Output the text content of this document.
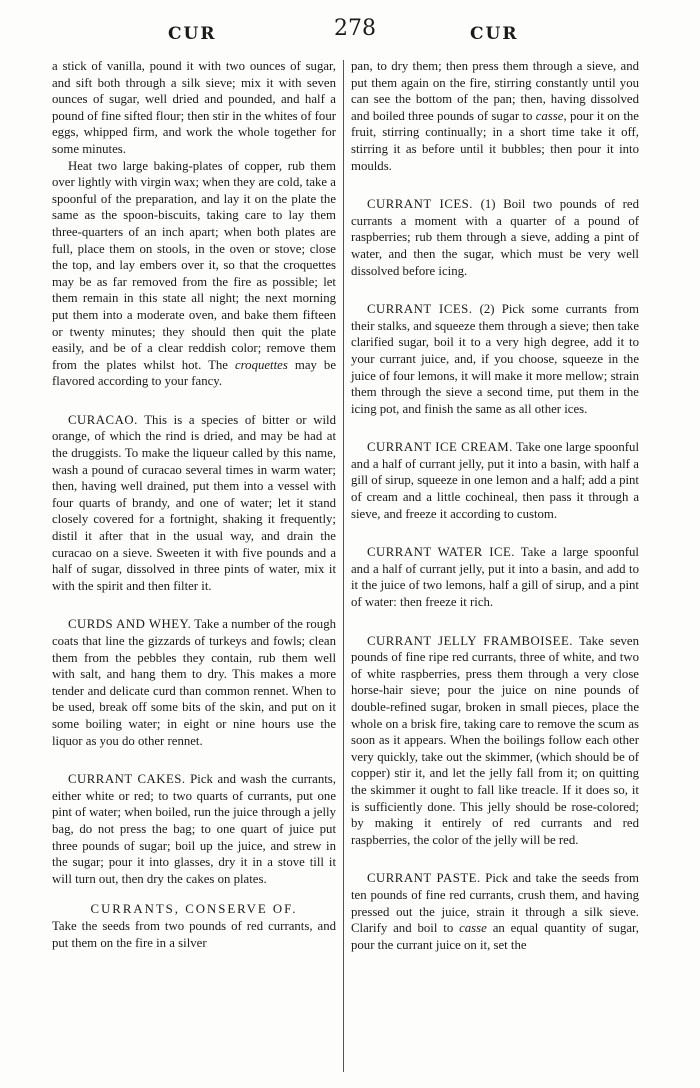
CUR	278	CUR

a stick of vanilla, pound it with two ounces of sugar, and sift both through a silk sieve; mix it with seven ounces of sugar, well dried and pounded, and half a pound of fine sifted flour; then stir in the whites of four eggs, whipped firm, and work the whole together for some minutes.

Heat two large baking-plates of copper, rub them over lightly with virgin wax; when they are cold, take a spoonful of the preparation, and lay it on the plate the same as the spoon-biscuits, taking care to lay them three-quarters of an inch apart; when both plates are full, place them on stools, in the oven or stove; close the top, and lay embers over it, so that the croquettes may be as far removed from the fire as possible; let them remain in this state all night; the next morning put them into a moderate oven, and bake them fifteen or twenty minutes; they should then quit the plate easily, and be of a clear reddish color; remove them from the plates whilst hot. The croquettes may be flavored according to your fancy.

CURACAO. This is a species of bitter or wild orange, of which the rind is dried, and may be had at the druggists. To make the liqueur called by this name, wash a pound of curacao several times in warm water; then, having well drained, put them into a vessel with four quarts of brandy, and one of water; let it stand closely covered for a fortnight, shaking it frequently; distil it after that in the usual way, and drain the curacao on a sieve. Sweeten it with five pounds and a half of sugar, dissolved in three pints of water, mix it with the spirit and then filter it.

CURDS AND WHEY. Take a number of the rough coats that line the gizzards of turkeys and fowls; clean them from the pebbles they contain, rub them well with salt, and hang them to dry. This makes a more tender and delicate curd than common rennet. When to be used, break off some bits of the skin, and put on it some boiling water; in eight or nine hours use the liquor as you do other rennet.

CURRANT CAKES. Pick and wash the currants, either white or red; to two quarts of currants, put one pint of water; when boiled, run the juice through a jelly bag, do not press the bag; to one quart of juice put three pounds of sugar; boil up the juice, and strew in the sugar; pour it into glasses, dry it in a stove till it will turn out, then dry the cakes on plates.

CURRANTS, CONSERVE OF.

Take the seeds from two pounds of red currants, and put them on the fire in a silver

pan, to dry them; then press them through a sieve, and put them again on the fire, stirring constantly until you can see the bottom of the pan; then, having dissolved and boiled three pounds of sugar to casse, pour it on the fruit, stirring continually; in a short time take it off, stirring it as before until it bubbles; then pour it into moulds.

CURRANT ICES. (1) Boil two pounds of red currants a moment with a quarter of a pound of raspberries; rub them through a sieve, adding a pint of water, and then the sugar, which must be very well dissolved before icing.

CURRANT ICES. (2) Pick some currants from their stalks, and squeeze them through a sieve; then take clarified sugar, boil it to a very high degree, add it to your currant juice, and, if you choose, squeeze in the juice of four lemons, it will make it more mellow; strain them through the sieve a second time, put them in the icing pot, and finish the same as all other ices.

CURRANT ICE CREAM. Take one large spoonful and a half of currant jelly, put it into a basin, with half a gill of sirup, squeeze in one lemon and a half; add a pint of cream and a little cochineal, then pass it through a sieve, and freeze it according to custom.

CURRANT WATER ICE. Take a large spoonful and a half of currant jelly, put it into a basin, and add to it the juice of two lemons, half a gill of sirup, and a pint of water: then freeze it rich.

CURRANT JELLY FRAMBOISEE. Take seven pounds of fine ripe red currants, three of white, and two of white raspberries, press them through a very close horse-hair sieve; pour the juice on nine pounds of double-refined sugar, broken in small pieces, place the whole on a brisk fire, taking care to remove the scum as soon as it appears. When the boilings follow each other very quickly, take out the skimmer, (which should be of copper) stir it, and let the jelly fall from it; on quitting the skimmer it ought to fall like treacle. If it does so, it is sufficiently done. This jelly should be rose-colored; by making it entirely of red currants and red raspberries, the color of the jelly will be red.

CURRANT PASTE. Pick and take the seeds from ten pounds of fine red currants, crush them, and having pressed out the juice, strain it through a silk sieve. Clarify and boil to casse an equal quantity of sugar, pour the currant juice on it, set the
